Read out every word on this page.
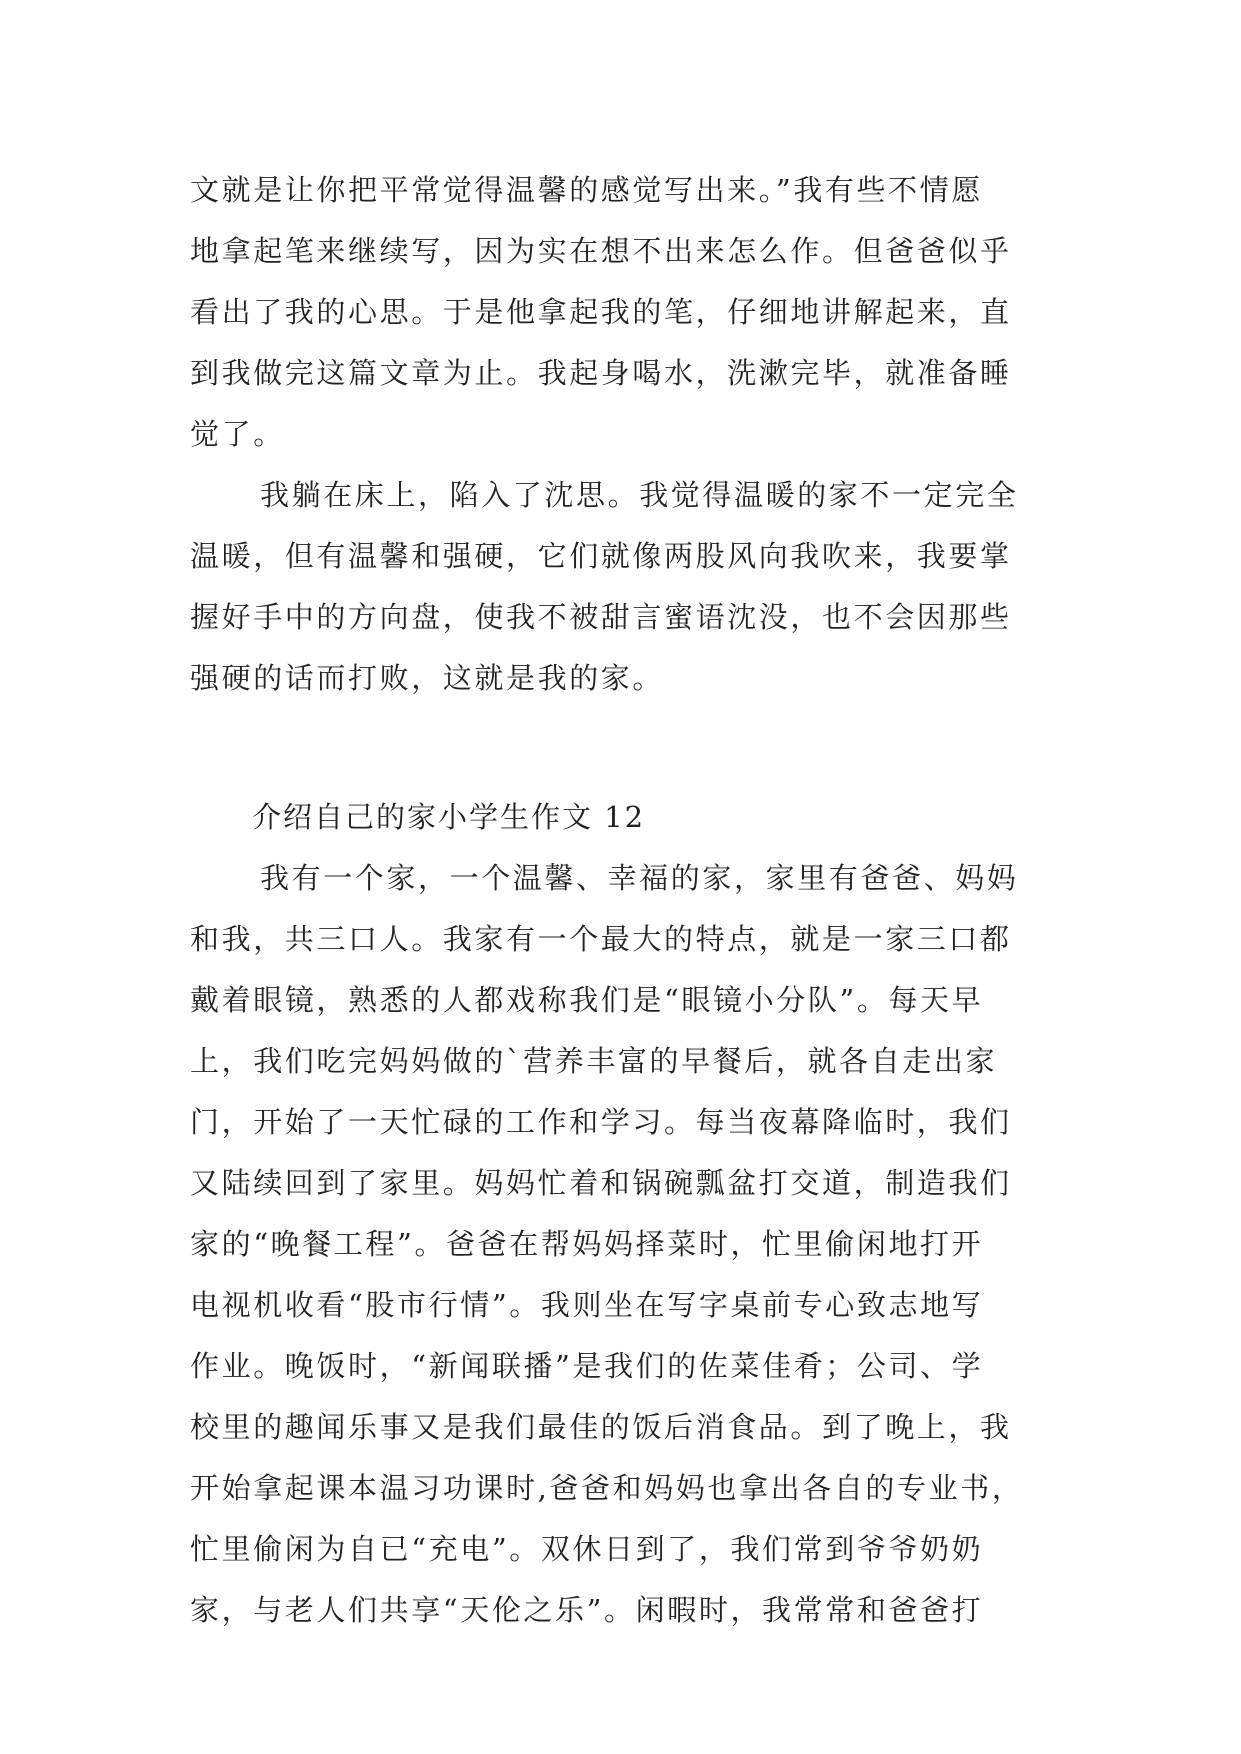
文就是让你把平常觉得温馨的感觉写出来。”我有些不情愿
地拿起笔来继续写，因为实在想不出来怎么作。但爸爸似乎
看出了我的心思。于是他拿起我的笔，仔细地讲解起来，直
到我做完这篇文章为止。我起身喝水，洗漱完毕，就准备睡
觉了。
我躺在床上，陷入了沈思。我觉得温暖的家不一定完全
温暖，但有温馨和强硬，它们就像两股风向我吹来，我要掌
握好手中的方向盘，使我不被甜言蜜语沈没，也不会因那些
强硬的话而打败，这就是我的家。
介绍自己的家小学生作文 12
我有一个家，一个温馨、幸福的家，家里有爸爸、妈妈
和我，共三口人。我家有一个最大的特点，就是一家三口都
戴着眼镜，熟悉的人都戏称我们是“眼镜小分队”。每天早
上，我们吃完妈妈做的`营养丰富的早餐后，就各自走出家
门，开始了一天忙碌的工作和学习。每当夜幕降临时，我们
又陆续回到了家里。妈妈忙着和锅碗瓢盆打交道，制造我们
家的“晚餐工程”。爸爸在帮妈妈择菜时，忙里偷闲地打开
电视机收看“股市行情”。我则坐在写字桌前专心致志地写
作业。晚饭时，“新闻联播”是我们的佐菜佳肴；公司、学
校里的趣闻乐事又是我们最佳的饭后消食品。到了晚上，我
开始拿起课本温习功课时,爸爸和妈妈也拿出各自的专业书，
忙里偷闲为自已“充电”。双休日到了，我们常到爷爷奶奶
家，与老人们共享“天伦之乐”。闲暇时，我常常和爸爸打
